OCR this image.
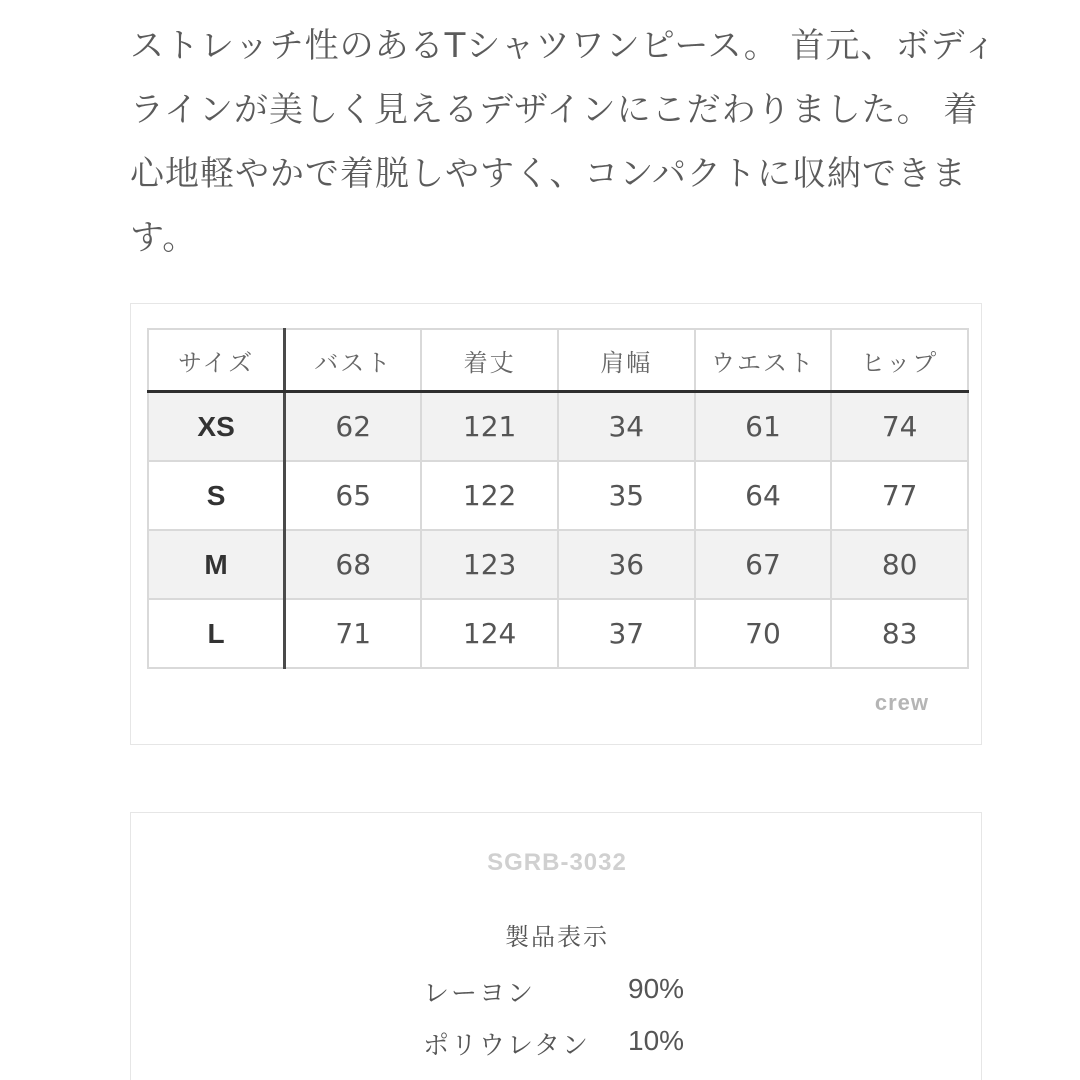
ストレッチ性のあるTシャツワンピース。 首元、ボディラインが美しく見えるデザインにこだわりました。 着心地軽やかで着脱しやすく、コンパクトに収納できます。

サイズ	バスト	着丈	肩幅	ウエスト	ヒップ
XS	62	121	34	61	74
S	65	122	35	64	77
M	68	123	36	67	80
L	71	124	37	70	83
crew
SGRB-3032
製品表示
レーヨン	90%
ポリウレタン 10%
